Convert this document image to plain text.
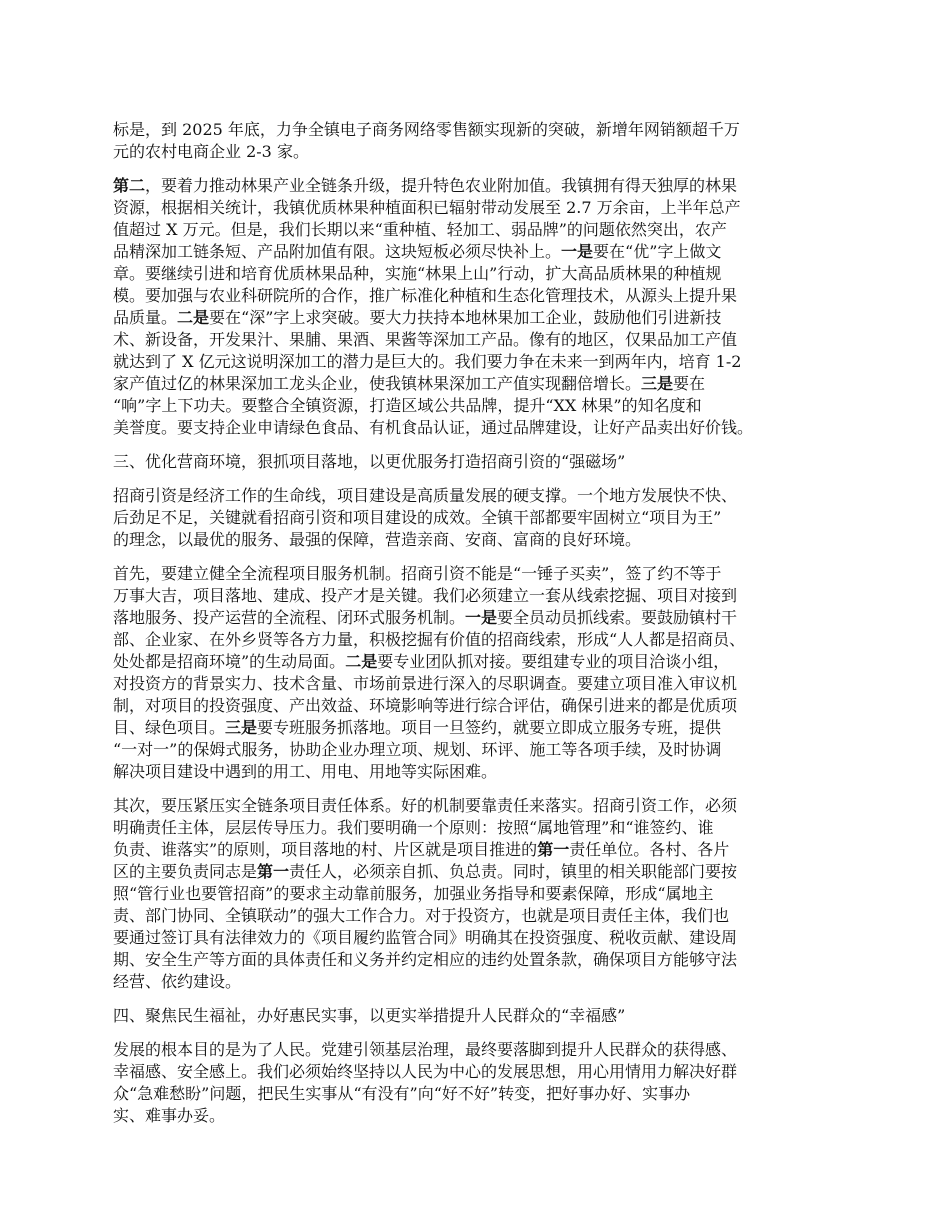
标是，到 2025 年底，力争全镇电子商务网络零售额实现新的突破，新增年网销额超千万
元的农村电商企业 2-3 家。
第二，要着力推动林果产业全链条升级，提升特色农业附加值。我镇拥有得天独厚的林果
资源，根据相关统计，我镇优质林果种植面积已辐射带动发展至 2.7 万余亩，上半年总产
值超过 X 万元。但是，我们长期以来“重种植、轻加工、弱品牌”的问题依然突出，农产
品精深加工链条短、产品附加值有限。这块短板必须尽快补上。一是要在“优”字上做文
章。要继续引进和培育优质林果品种，实施“林果上山”行动，扩大高品质林果的种植规
模。要加强与农业科研院所的合作，推广标准化种植和生态化管理技术，从源头上提升果
品质量。二是要在“深”字上求突破。要大力扶持本地林果加工企业，鼓励他们引进新技
术、新设备，开发果汁、果脯、果酒、果酱等深加工产品。像有的地区，仅果品加工产值
就达到了 X 亿元这说明深加工的潜力是巨大的。我们要力争在未来一到两年内，培育 1-2
家产值过亿的林果深加工龙头企业，使我镇林果深加工产值实现翻倍增长。三是要在
“响”字上下功夫。要整合全镇资源，打造区域公共品牌，提升“XX 林果”的知名度和
美誉度。要支持企业申请绿色食品、有机食品认证，通过品牌建设，让好产品卖出好价钱。
三、优化营商环境，狠抓项目落地，以更优服务打造招商引资的“强磁场”
招商引资是经济工作的生命线，项目建设是高质量发展的硬支撑。一个地方发展快不快、
后劲足不足，关键就看招商引资和项目建设的成效。全镇干部都要牢固树立“项目为王”
的理念，以最优的服务、最强的保障，营造亲商、安商、富商的良好环境。
首先，要建立健全全流程项目服务机制。招商引资不能是“一锤子买卖”，签了约不等于
万事大吉，项目落地、建成、投产才是关键。我们必须建立一套从线索挖掘、项目对接到
落地服务、投产运营的全流程、闭环式服务机制。一是要全员动员抓线索。要鼓励镇村干
部、企业家、在外乡贤等各方力量，积极挖掘有价值的招商线索，形成“人人都是招商员、
处处都是招商环境”的生动局面。二是要专业团队抓对接。要组建专业的项目洽谈小组，
对投资方的背景实力、技术含量、市场前景进行深入的尽职调查。要建立项目准入审议机
制，对项目的投资强度、产出效益、环境影响等进行综合评估，确保引进来的都是优质项
目、绿色项目。三是要专班服务抓落地。项目一旦签约，就要立即成立服务专班，提供
“一对一”的保姆式服务，协助企业办理立项、规划、环评、施工等各项手续，及时协调
解决项目建设中遇到的用工、用电、用地等实际困难。
其次，要压紧压实全链条项目责任体系。好的机制要靠责任来落实。招商引资工作，必须
明确责任主体，层层传导压力。我们要明确一个原则：按照“属地管理”和“谁签约、谁
负责、谁落实”的原则，项目落地的村、片区就是项目推进的第一责任单位。各村、各片
区的主要负责同志是第一责任人，必须亲自抓、负总责。同时，镇里的相关职能部门要按
照“管行业也要管招商”的要求主动靠前服务，加强业务指导和要素保障，形成“属地主
责、部门协同、全镇联动”的强大工作合力。对于投资方，也就是项目责任主体，我们也
要通过签订具有法律效力的《项目履约监管合同》明确其在投资强度、税收贡献、建设周
期、安全生产等方面的具体责任和义务并约定相应的违约处置条款，确保项目方能够守法
经营、依约建设。
四、聚焦民生福祉，办好惠民实事，以更实举措提升人民群众的“幸福感”
发展的根本目的是为了人民。党建引领基层治理，最终要落脚到提升人民群众的获得感、
幸福感、安全感上。我们必须始终坚持以人民为中心的发展思想，用心用情用力解决好群
众“急难愁盼”问题，把民生实事从“有没有”向“好不好”转变，把好事办好、实事办
实、难事办妥。
